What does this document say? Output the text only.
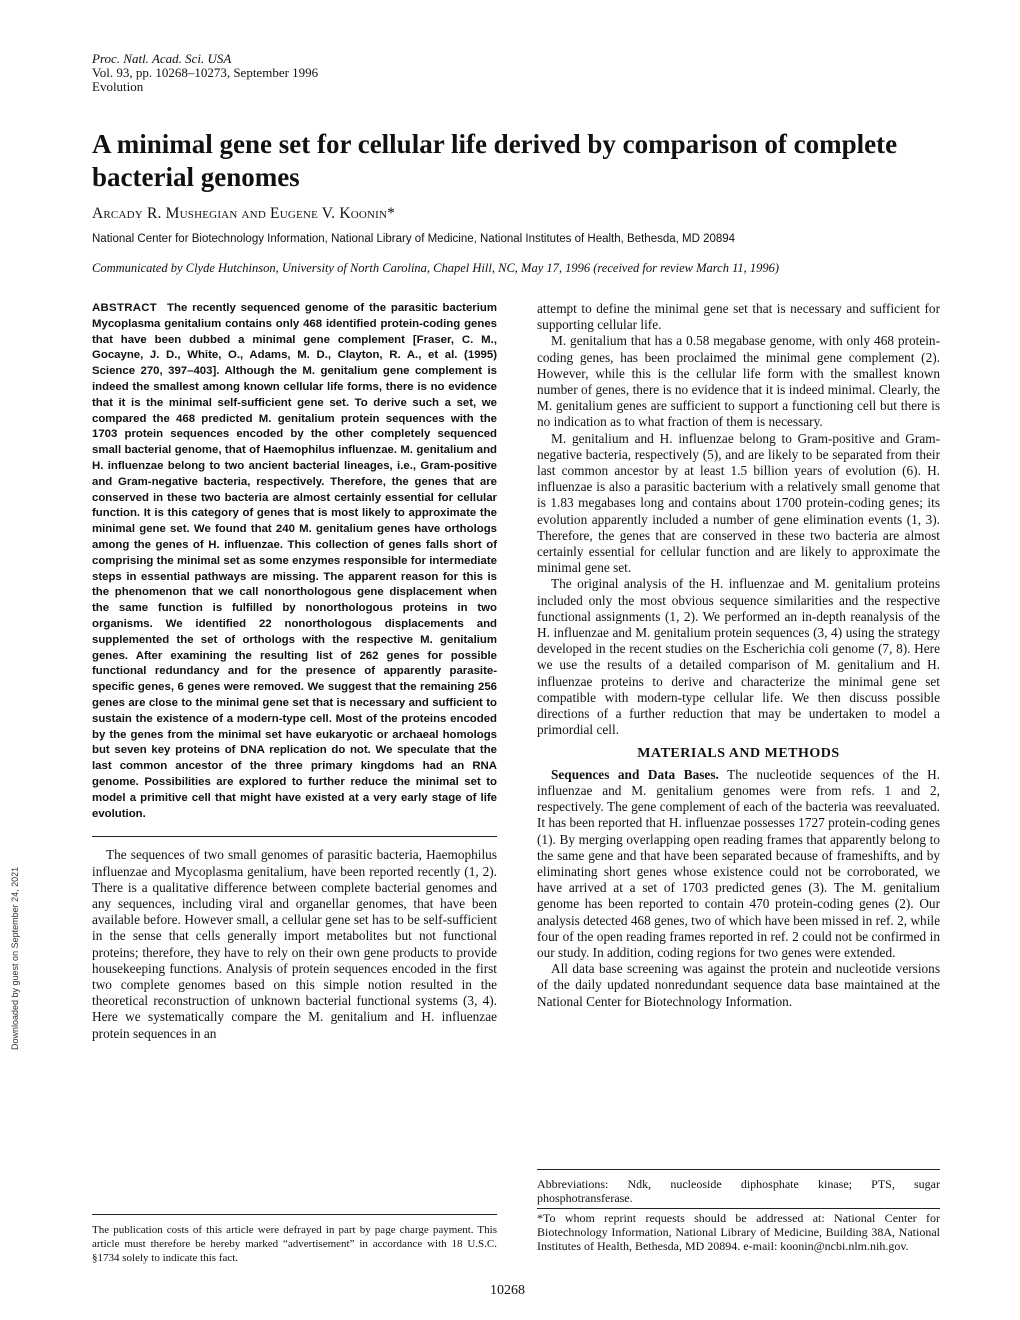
Proc. Natl. Acad. Sci. USA
Vol. 93, pp. 10268–10273, September 1996
Evolution
A minimal gene set for cellular life derived by comparison of complete bacterial genomes
Arcady R. Mushegian and Eugene V. Koonin*
National Center for Biotechnology Information, National Library of Medicine, National Institutes of Health, Bethesda, MD 20894
Communicated by Clyde Hutchinson, University of North Carolina, Chapel Hill, NC, May 17, 1996 (received for review March 11, 1996)

ABSTRACT The recently sequenced genome of the parasitic bacterium Mycoplasma genitalium contains only 468 identified protein-coding genes that have been dubbed a minimal gene complement [Fraser, C. M., Gocayne, J. D., White, O., Adams, M. D., Clayton, R. A., et al. (1995) Science 270, 397–403]. Although the M. genitalium gene complement is indeed the smallest among known cellular life forms, there is no evidence that it is the minimal self-sufficient gene set. To derive such a set, we compared the 468 predicted M. genitalium protein sequences with the 1703 protein sequences encoded by the other completely sequenced small bacterial genome, that of Haemophilus influenzae. M. genitalium and H. influenzae belong to two ancient bacterial lineages, i.e., Gram-positive and Gram-negative bacteria, respectively. Therefore, the genes that are conserved in these two bacteria are almost certainly essential for cellular function. It is this category of genes that is most likely to approximate the minimal gene set. We found that 240 M. genitalium genes have orthologs among the genes of H. influenzae. This collection of genes falls short of comprising the minimal set as some enzymes responsible for intermediate steps in essential pathways are missing. The apparent reason for this is the phenomenon that we call nonorthologous gene displacement when the same function is fulfilled by nonorthologous proteins in two organisms. We identified 22 nonorthologous displacements and supplemented the set of orthologs with the respective M. genitalium genes. After examining the resulting list of 262 genes for possible functional redundancy and for the presence of apparently parasite-specific genes, 6 genes were removed. We suggest that the remaining 256 genes are close to the minimal gene set that is necessary and sufficient to sustain the existence of a modern-type cell. Most of the proteins encoded by the genes from the minimal set have eukaryotic or archaeal homologs but seven key proteins of DNA replication do not. We speculate that the last common ancestor of the three primary kingdoms had an RNA genome. Possibilities are explored to further reduce the minimal set to model a primitive cell that might have existed at a very early stage of life evolution.

The sequences of two small genomes of parasitic bacteria, Haemophilus influenzae and Mycoplasma genitalium, have been reported recently (1, 2). There is a qualitative difference between complete bacterial genomes and any sequences, including viral and organellar genomes, that have been available before. However small, a cellular gene set has to be self-sufficient in the sense that cells generally import metabolites but not functional proteins; therefore, they have to rely on their own gene products to provide housekeeping functions. Analysis of protein sequences encoded in the first two complete genomes based on this simple notion resulted in the theoretical reconstruction of unknown bacterial functional systems (3, 4). Here we systematically compare the M. genitalium and H. influenzae protein sequences in an

The publication costs of this article were defrayed in part by page charge payment. This article must therefore be hereby marked “advertisement” in accordance with 18 U.S.C. §1734 solely to indicate this fact.

attempt to define the minimal gene set that is necessary and sufficient for supporting cellular life.

M. genitalium that has a 0.58 megabase genome, with only 468 protein-coding genes, has been proclaimed the minimal gene complement (2). However, while this is the cellular life form with the smallest known number of genes, there is no evidence that it is indeed minimal. Clearly, the M. genitalium genes are sufficient to support a functioning cell but there is no indication as to what fraction of them is necessary.

M. genitalium and H. influenzae belong to Gram-positive and Gram-negative bacteria, respectively (5), and are likely to be separated from their last common ancestor by at least 1.5 billion years of evolution (6). H. influenzae is also a parasitic bacterium with a relatively small genome that is 1.83 megabases long and contains about 1700 protein-coding genes; its evolution apparently included a number of gene elimination events (1, 3). Therefore, the genes that are conserved in these two bacteria are almost certainly essential for cellular function and are likely to approximate the minimal gene set.

The original analysis of the H. influenzae and M. genitalium proteins included only the most obvious sequence similarities and the respective functional assignments (1, 2). We performed an in-depth reanalysis of the H. influenzae and M. genitalium protein sequences (3, 4) using the strategy developed in the recent studies on the Escherichia coli genome (7, 8). Here we use the results of a detailed comparison of M. genitalium and H. influenzae proteins to derive and characterize the minimal gene set compatible with modern-type cellular life. We then discuss possible directions of a further reduction that may be undertaken to model a primordial cell.

MATERIALS AND METHODS

Sequences and Data Bases. The nucleotide sequences of the H. influenzae and M. genitalium genomes were from refs. 1 and 2, respectively. The gene complement of each of the bacteria was reevaluated. It has been reported that H. influenzae possesses 1727 protein-coding genes (1). By merging overlapping open reading frames that apparently belong to the same gene and that have been separated because of frameshifts, and by eliminating short genes whose existence could not be corroborated, we have arrived at a set of 1703 predicted genes (3). The M. genitalium genome has been reported to contain 470 protein-coding genes (2). Our analysis detected 468 genes, two of which have been missed in ref. 2, while four of the open reading frames reported in ref. 2 could not be confirmed in our study. In addition, coding regions for two genes were extended.

All data base screening was against the protein and nucleotide versions of the daily updated nonredundant sequence data base maintained at the National Center for Biotechnology Information.

Abbreviations: Ndk, nucleoside diphosphate kinase; PTS, sugar phosphotransferase.
*To whom reprint requests should be addressed at: National Center for Biotechnology Information, National Library of Medicine, Building 38A, National Institutes of Health, Bethesda, MD 20894. e-mail: koonin@ncbi.nlm.nih.gov.
10268
Downloaded by guest on September 24, 2021
